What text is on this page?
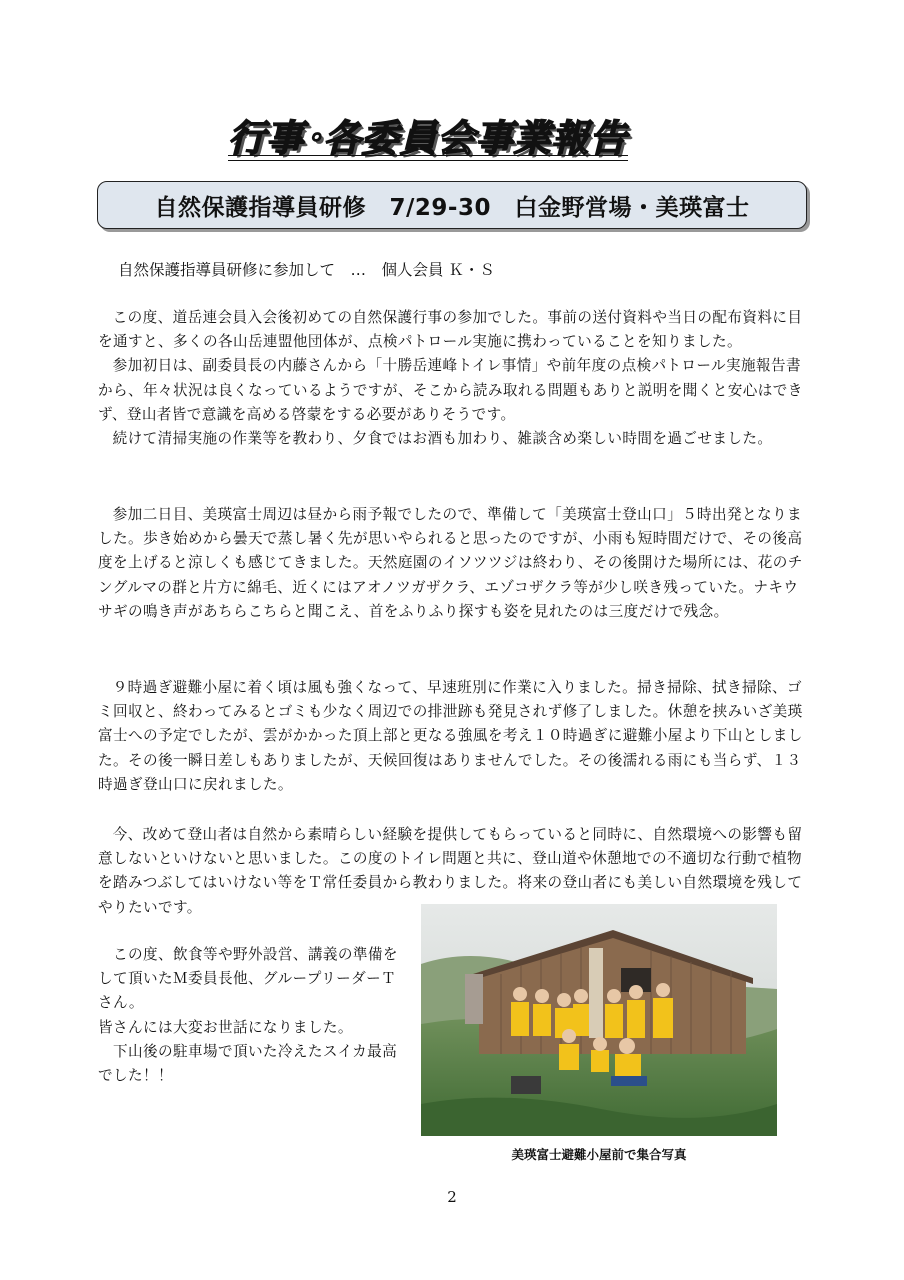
行事･各委員会事業報告
自然保護指導員研修　7/29-30　白金野営場・美瑛富士
自然保護指導員研修に参加して　…　個人会員 Ｋ・Ｓ

この度、道岳連会員入会後初めての自然保護行事の参加でした。事前の送付資料や当日の配布資料に目を通すと、多くの各山岳連盟他団体が、点検パトロール実施に携わっていることを知りました。

参加初日は、副委員長の内藤さんから「十勝岳連峰トイレ事情」や前年度の点検パトロール実施報告書から、年々状況は良くなっているようですが、そこから読み取れる問題もありと説明を聞くと安心はできず、登山者皆で意識を高める啓蒙をする必要がありそうです。

続けて清掃実施の作業等を教わり、夕食ではお酒も加わり、雑談含め楽しい時間を過ごせました。

参加二日目、美瑛富士周辺は昼から雨予報でしたので、準備して「美瑛富士登山口」５時出発となりました。歩き始めから曇天で蒸し暑く先が思いやられると思ったのですが、小雨も短時間だけで、その後高度を上げると涼しくも感じてきました。天然庭園のイソツツジは終わり、その後開けた場所には、花のチングルマの群と片方に綿毛、近くにはアオノツガザクラ、エゾコザクラ等が少し咲き残っていた。ナキウサギの鳴き声があちらこちらと聞こえ、首をふりふり探すも姿を見れたのは三度だけで残念。

９時過ぎ避難小屋に着く頃は風も強くなって、早速班別に作業に入りました。掃き掃除、拭き掃除、ゴミ回収と、終わってみるとゴミも少なく周辺での排泄跡も発見されず修了しました。休憩を挟みいざ美瑛富士への予定でしたが、雲がかかった頂上部と更なる強風を考え１０時過ぎに避難小屋より下山としました。その後一瞬日差しもありましたが、天候回復はありませんでした。その後濡れる雨にも当らず、１３時過ぎ登山口に戻れました。

今、改めて登山者は自然から素晴らしい経験を提供してもらっていると同時に、自然環境への影響も留意しないといけないと思いました。この度のトイレ問題と共に、登山道や休憩地での不適切な行動で植物を踏みつぶしてはいけない等をＴ常任委員から教わりました。将来の登山者にも美しい自然環境を残してやりたいです。

　この度、飲食等や野外設営、講義の準備をして頂いたＭ委員長他、グループリーダーＴさん。

皆さんには大変お世話になりました。

　下山後の駐車場で頂いた冷えたスイカ最高でした！！

美瑛富士避難小屋前で集合写真
2
